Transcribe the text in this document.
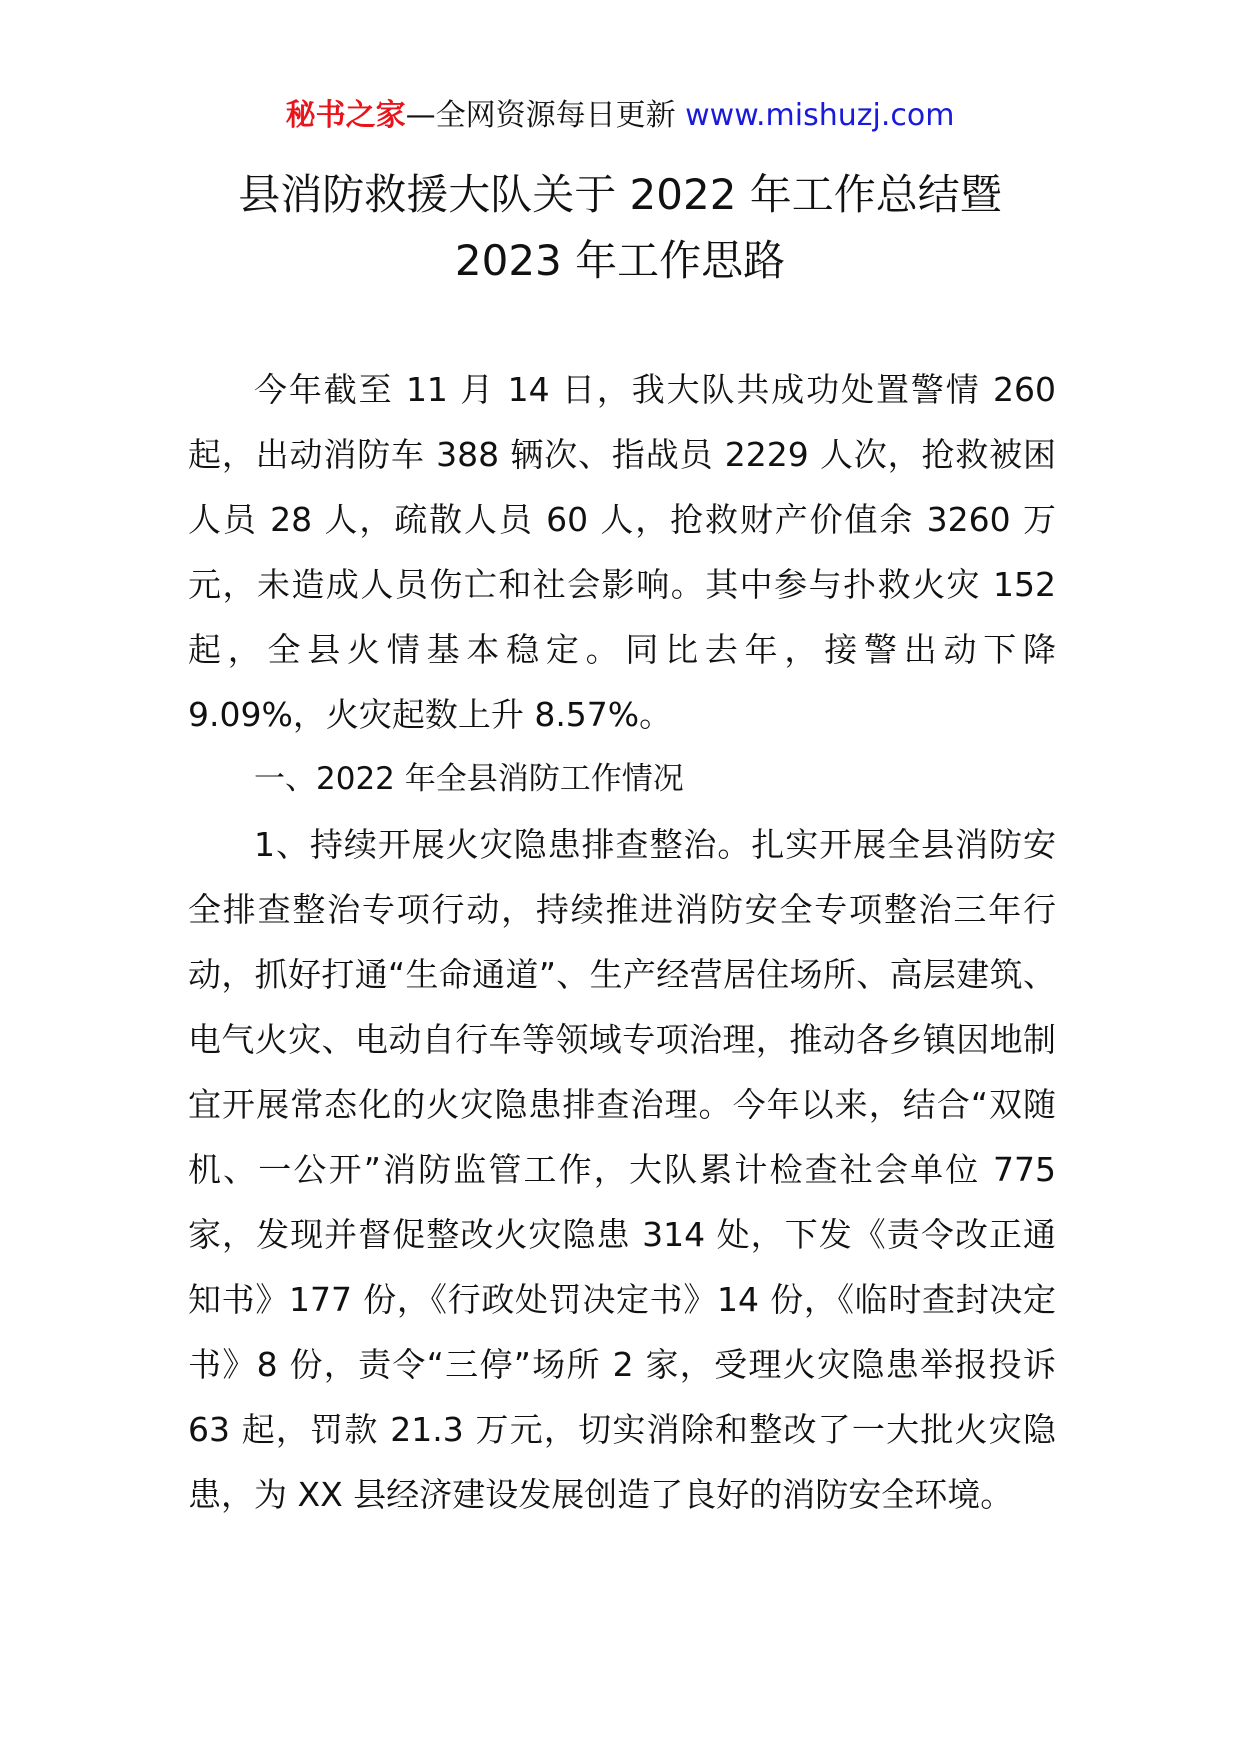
秘书之家—全网资源每日更新 www.mishuzj.com
县消防救援大队关于 2022 年工作总结暨
2023 年工作思路

今年截至 11 月 14 日，我大队共成功处置警情 260 起，出动消防车 388 辆次、指战员 2229 人次，抢救被困人员 28 人，疏散人员 60 人，抢救财产价值余 3260 万元，未造成人员伤亡和社会影响。其中参与扑救火灾 152 起，全县火情基本稳定。同比去年，接警出动下降 9.09%，火灾起数上升 8.57%。

一、2022 年全县消防工作情况

1、持续开展火灾隐患排查整治。扎实开展全县消防安全排查整治专项行动，持续推进消防安全专项整治三年行动，抓好打通“生命通道”、生产经营居住场所、高层建筑、电气火灾、电动自行车等领域专项治理，推动各乡镇因地制宜开展常态化的火灾隐患排查治理。今年以来，结合“双随机、一公开”消防监管工作，大队累计检查社会单位 775 家，发现并督促整改火灾隐患 314 处，下发《责令改正通知书》177 份，《行政处罚决定书》14 份，《临时查封决定书》8 份，责令“三停”场所 2 家，受理火灾隐患举报投诉 63 起，罚款 21.3 万元，切实消除和整改了一大批火灾隐患，为 XX 县经济建设发展创造了良好的消防安全环境。
